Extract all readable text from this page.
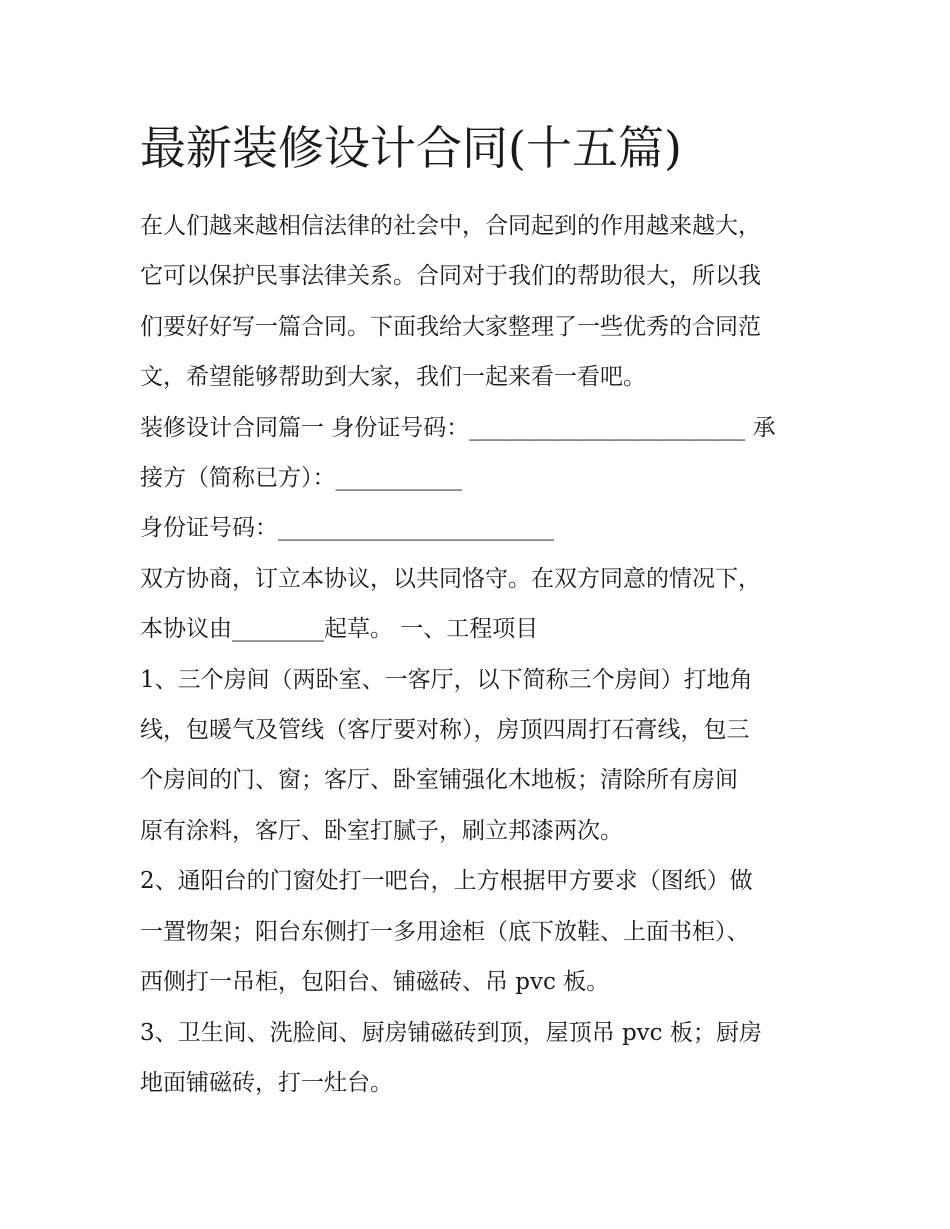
最新装修设计合同(十五篇)

在人们越来越相信法律的社会中，合同起到的作用越来越大，

它可以保护民事法律关系。合同对于我们的帮助很大，所以我

们要好好写一篇合同。下面我给大家整理了一些优秀的合同范

文，希望能够帮助到大家，我们一起来看一看吧。

装修设计合同篇一 身份证号码：________________________ 承

接方（简称已方）：___________

身份证号码：________________________

双方协商，订立本协议，以共同恪守。在双方同意的情况下，

本协议由________起草。 一、工程项目

1、三个房间（两卧室、一客厅，以下简称三个房间）打地角

线，包暖气及管线（客厅要对称），房顶四周打石膏线，包三

个房间的门、窗；客厅、卧室铺强化木地板；清除所有房间

原有涂料，客厅、卧室打腻子，刷立邦漆两次。

2、通阳台的门窗处打一吧台，上方根据甲方要求（图纸）做

一置物架；阳台东侧打一多用途柜（底下放鞋、上面书柜）、

西侧打一吊柜，包阳台、铺磁砖、吊 pvc 板。

3、卫生间、洗脸间、厨房铺磁砖到顶，屋顶吊 pvc 板；厨房

地面铺磁砖，打一灶台。
